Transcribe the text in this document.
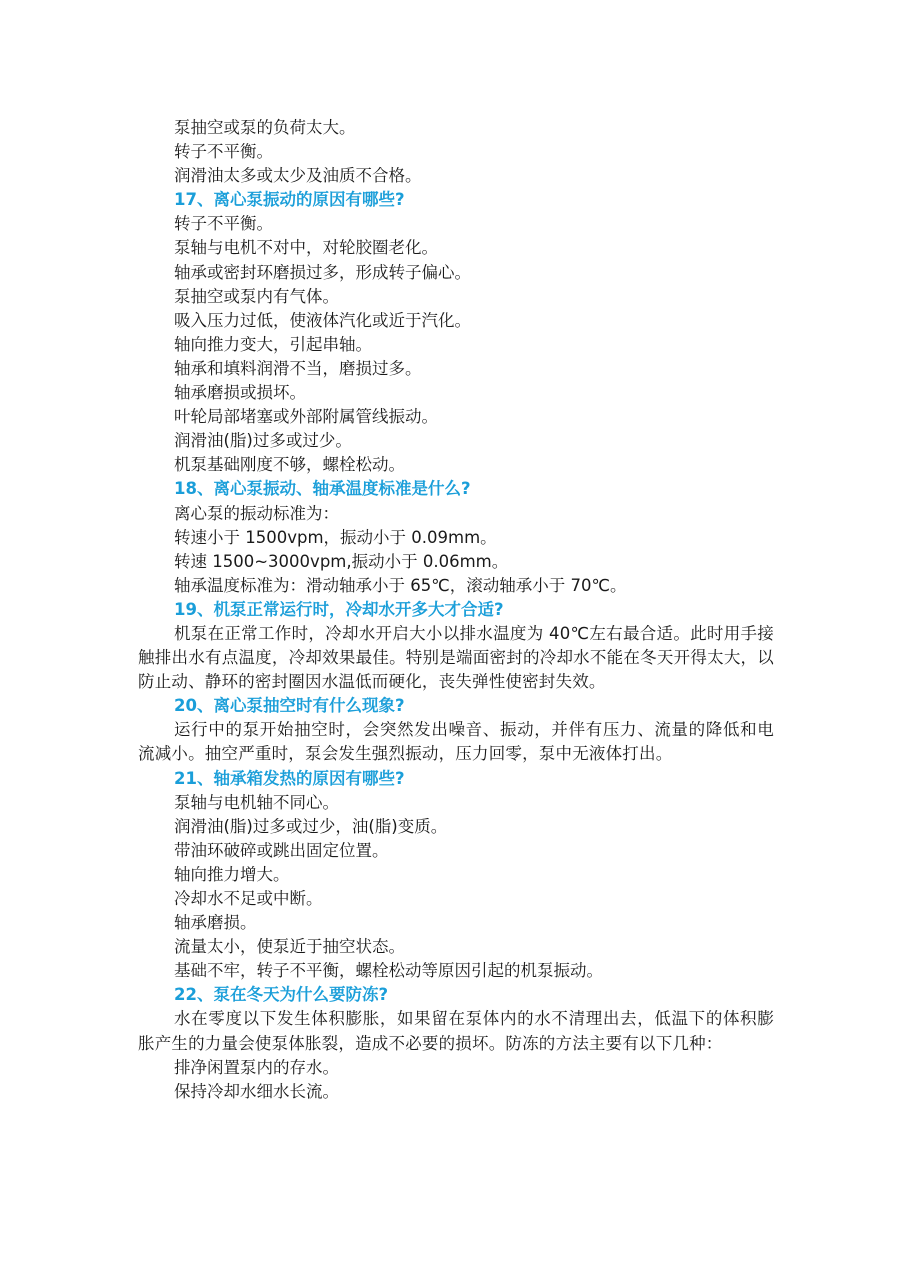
泵抽空或泵的负荷太大。

转子不平衡。

润滑油太多或太少及油质不合格。

17、离心泵振动的原因有哪些?

转子不平衡。

泵轴与电机不对中，对轮胶圈老化。

轴承或密封环磨损过多，形成转子偏心。

泵抽空或泵内有气体。

吸入压力过低，使液体汽化或近于汽化。

轴向推力变大，引起串轴。

轴承和填料润滑不当，磨损过多。

轴承磨损或损坏。

叶轮局部堵塞或外部附属管线振动。

润滑油(脂)过多或过少。

机泵基础刚度不够，螺栓松动。

18、离心泵振动、轴承温度标准是什么?

离心泵的振动标准为：

转速小于 1500vpm，振动小于 0.09mm。

转速 1500~3000vpm,振动小于 0.06mm。

轴承温度标准为：滑动轴承小于 65℃，滚动轴承小于 70℃。

19、机泵正常运行时，冷却水开多大才合适?

机泵在正常工作时，冷却水开启大小以排水温度为 40℃左右最合适。此时用手接触排出水有点温度，冷却效果最佳。特别是端面密封的冷却水不能在冬天开得太大，以防止动、静环的密封圈因水温低而硬化，丧失弹性使密封失效。

20、离心泵抽空时有什么现象?

运行中的泵开始抽空时，会突然发出噪音、振动，并伴有压力、流量的降低和电流减小。抽空严重时，泵会发生强烈振动，压力回零，泵中无液体打出。

21、轴承箱发热的原因有哪些?

泵轴与电机轴不同心。

润滑油(脂)过多或过少，油(脂)变质。

带油环破碎或跳出固定位置。

轴向推力增大。

冷却水不足或中断。

轴承磨损。

流量太小，使泵近于抽空状态。

基础不牢，转子不平衡，螺栓松动等原因引起的机泵振动。

22、泵在冬天为什么要防冻?

水在零度以下发生体积膨胀，如果留在泵体内的水不清理出去，低温下的体积膨胀产生的力量会使泵体胀裂，造成不必要的损坏。防冻的方法主要有以下几种：

排净闲置泵内的存水。

保持冷却水细水长流。
